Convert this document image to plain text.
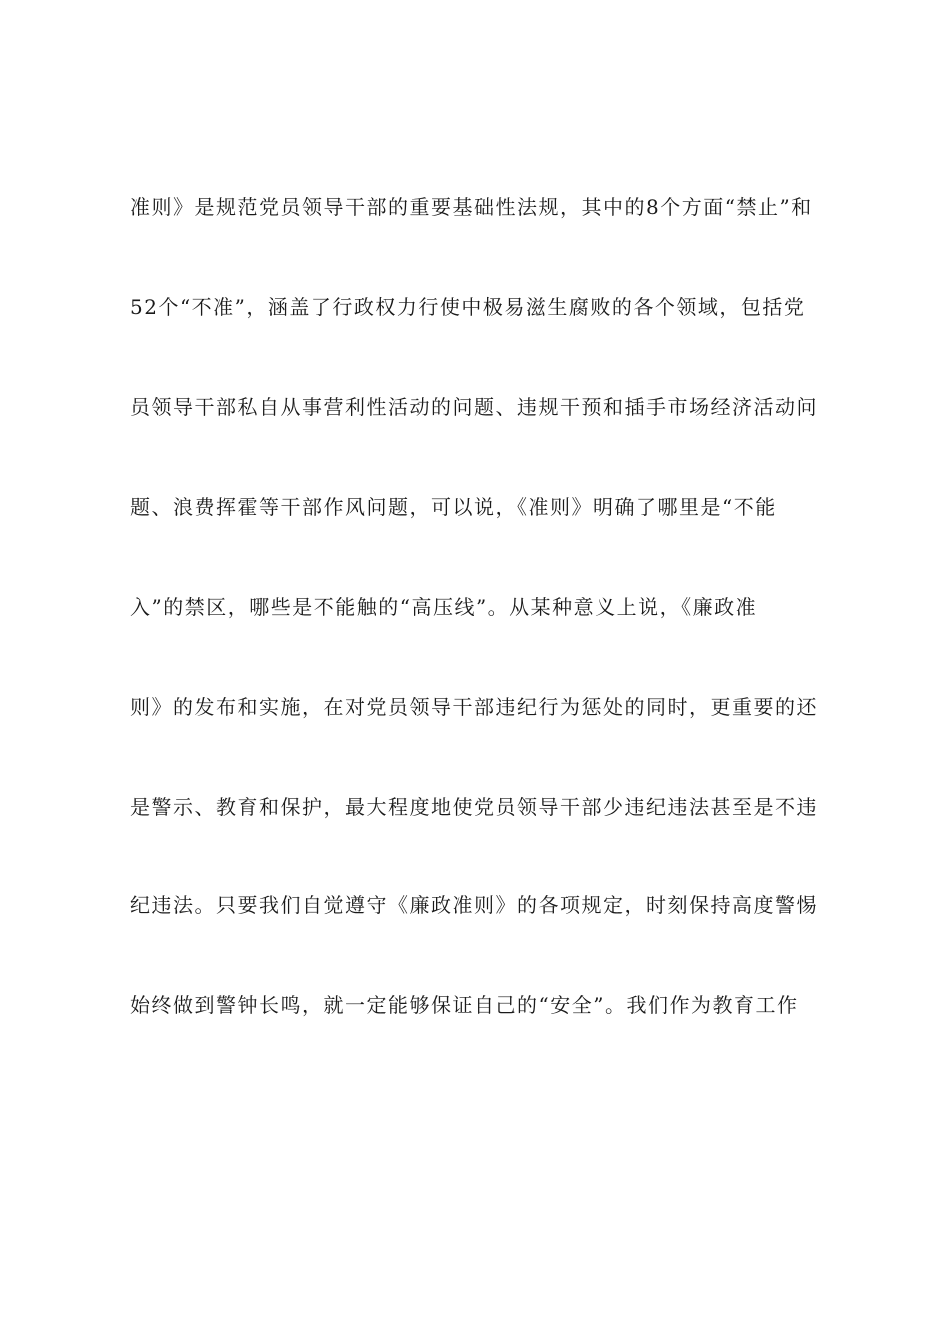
准则》是规范党员领导干部的重要基础性法规，其中的8个方面“禁止”和
52个“不准”，涵盖了行政权力行使中极易滋生腐败的各个领域，包括党
员领导干部私自从事营利性活动的问题、违规干预和插手市场经济活动问
题、浪费挥霍等干部作风问题，可以说，《准则》明确了哪里是“不能
入”的禁区，哪些是不能触的“高压线”。从某种意义上说，《廉政准
则》的发布和实施，在对党员领导干部违纪行为惩处的同时，更重要的还
是警示、教育和保护，最大程度地使党员领导干部少违纪违法甚至是不违
纪违法。只要我们自觉遵守《廉政准则》的各项规定，时刻保持高度警惕
始终做到警钟长鸣，就一定能够保证自己的“安全”。我们作为教育工作
